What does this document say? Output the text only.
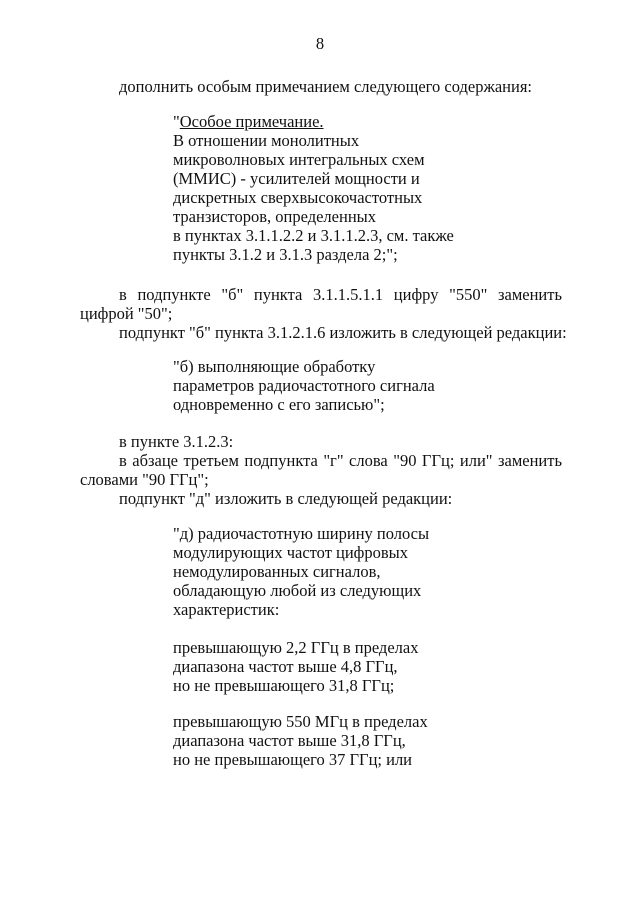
8
дополнить особым примечанием следующего содержания:
"Особое примечание.
В отношении монолитных
микроволновых интегральных схем
(ММИС) - усилителей мощности и
дискретных сверхвысокочастотных
транзисторов, определенных
в пунктах 3.1.1.2.2 и 3.1.1.2.3, см. также
пункты 3.1.2 и 3.1.3 раздела 2;";
в подпункте "б" пункта 3.1.1.5.1.1 цифру "550" заменить цифрой "50";
подпункт "б" пункта 3.1.2.1.6 изложить в следующей редакции:
"б) выполняющие обработку
параметров радиочастотного сигнала
одновременно с его записью";
в пункте 3.1.2.3:
в абзаце третьем подпункта "г" слова "90 ГГц; или" заменить словами "90 ГГц";
подпункт "д" изложить в следующей редакции:
"д) радиочастотную ширину полосы
модулирующих частот цифровых
немодулированных сигналов,
обладающую любой из следующих
характеристик:
превышающую 2,2 ГГц в пределах
диапазона частот выше 4,8 ГГц,
но не превышающего 31,8 ГГц;
превышающую 550 МГц в пределах
диапазона частот выше 31,8 ГГц,
но не превышающего 37 ГГц; или
